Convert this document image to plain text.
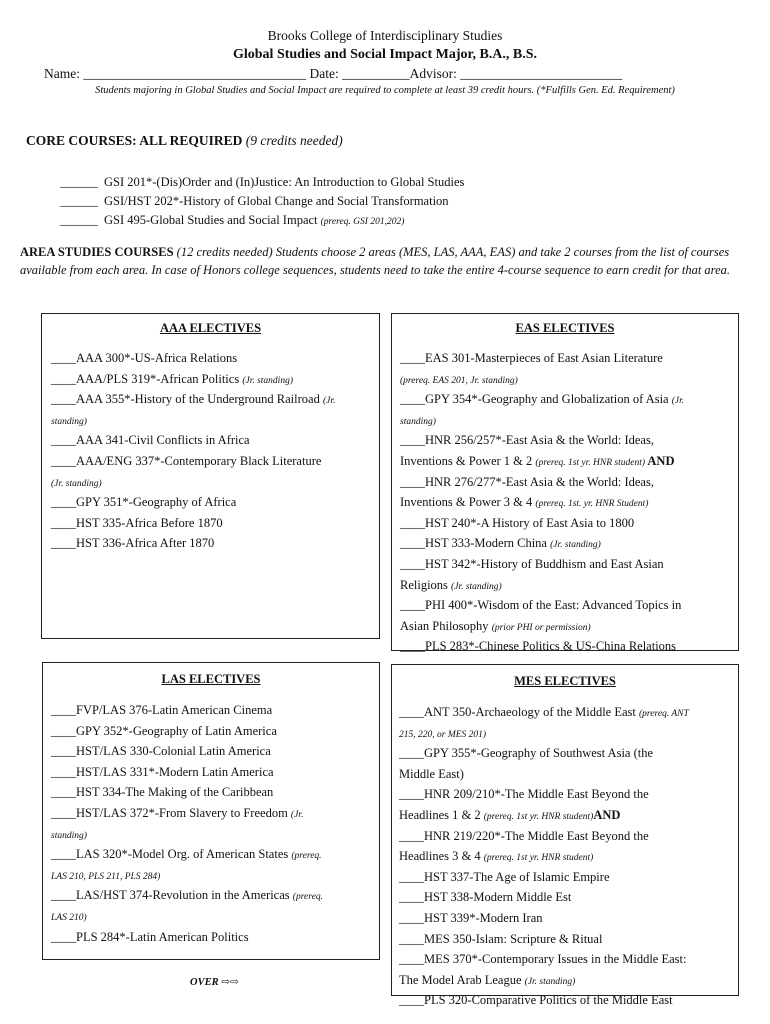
Brooks College of Interdisciplinary Studies
Global Studies and Social Impact Major, B.A., B.S.
Name: _________________________________ Date: __________Advisor: ________________________
Students majoring in Global Studies and Social Impact are required to complete at least 39 credit hours. (*Fulfills Gen. Ed. Requirement)
CORE COURSES: ALL REQUIRED (9 credits needed)

______  GSI 201*-(Dis)Order and (In)Justice: An Introduction to Global Studies

______  GSI/HST 202*-History of Global Change and Social Transformation

______  GSI 495-Global Studies and Social Impact (prereq. GSI 201,202)

AREA STUDIES COURSES (12 credits needed) Students choose 2 areas (MES, LAS, AAA, EAS) and take 2 courses from the list of courses available from each area. In case of Honors college sequences, students need to take the entire 4-course sequence to earn credit for that area.
AAA ELECTIVES
____AAA 300*-US-Africa Relations
____AAA/PLS 319*-African Politics (Jr. standing)
____AAA 355*-History of the Underground Railroad (Jr.
standing)
____AAA 341-Civil Conflicts in Africa
____AAA/ENG 337*-Contemporary Black Literature
(Jr. standing)
____GPY 351*-Geography of Africa
____HST 335-Africa Before 1870
____HST 336-Africa After 1870
EAS ELECTIVES
____EAS 301-Masterpieces of East Asian Literature
(prereq. EAS 201, Jr. standing)
____GPY 354*-Geography and Globalization of Asia (Jr.
standing)
____HNR 256/257*-East Asia & the World: Ideas,
Inventions & Power 1 & 2 (prereq. 1st yr. HNR student) AND
____HNR 276/277*-East Asia & the World: Ideas,
Inventions & Power 3 & 4 (prereq. 1st. yr. HNR Student)
____HST 240*-A History of East Asia to 1800
____HST 333-Modern China (Jr. standing)
____HST 342*-History of Buddhism and East Asian
Religions (Jr. standing)
____PHI 400*-Wisdom of the East: Advanced Topics in
Asian Philosophy (prior PHI or permission)
____PLS 283*-Chinese Politics & US-China Relations
LAS ELECTIVES
____FVP/LAS 376-Latin American Cinema
____GPY 352*-Geography of Latin America
____HST/LAS 330-Colonial Latin America
____HST/LAS 331*-Modern Latin America
____HST 334-The Making of the Caribbean
____HST/LAS 372*-From Slavery to Freedom (Jr.
standing)
____LAS 320*-Model Org. of American States (prereq.
LAS 210, PLS 211, PLS 284)
____LAS/HST 374-Revolution in the Americas (prereq.
LAS 210)
____PLS 284*-Latin American Politics
MES ELECTIVES
____ANT 350-Archaeology of the Middle East (prereq. ANT
215, 220, or MES 201)
____GPY 355*-Geography of Southwest Asia (the
Middle East)
____HNR 209/210*-The Middle East Beyond the
Headlines 1 & 2 (prereq. 1st yr. HNR student)AND
____HNR 219/220*-The Middle East Beyond the
Headlines 3 & 4 (prereq. 1st yr. HNR student)
____HST 337-The Age of Islamic Empire
____HST 338-Modern Middle Est
____HST 339*-Modern Iran
____MES 350-Islam: Scripture & Ritual
____MES 370*-Contemporary Issues in the Middle East:
The Model Arab League (Jr. standing)
____PLS 320-Comparative Politics of the Middle East
OVER ⇨⇨
